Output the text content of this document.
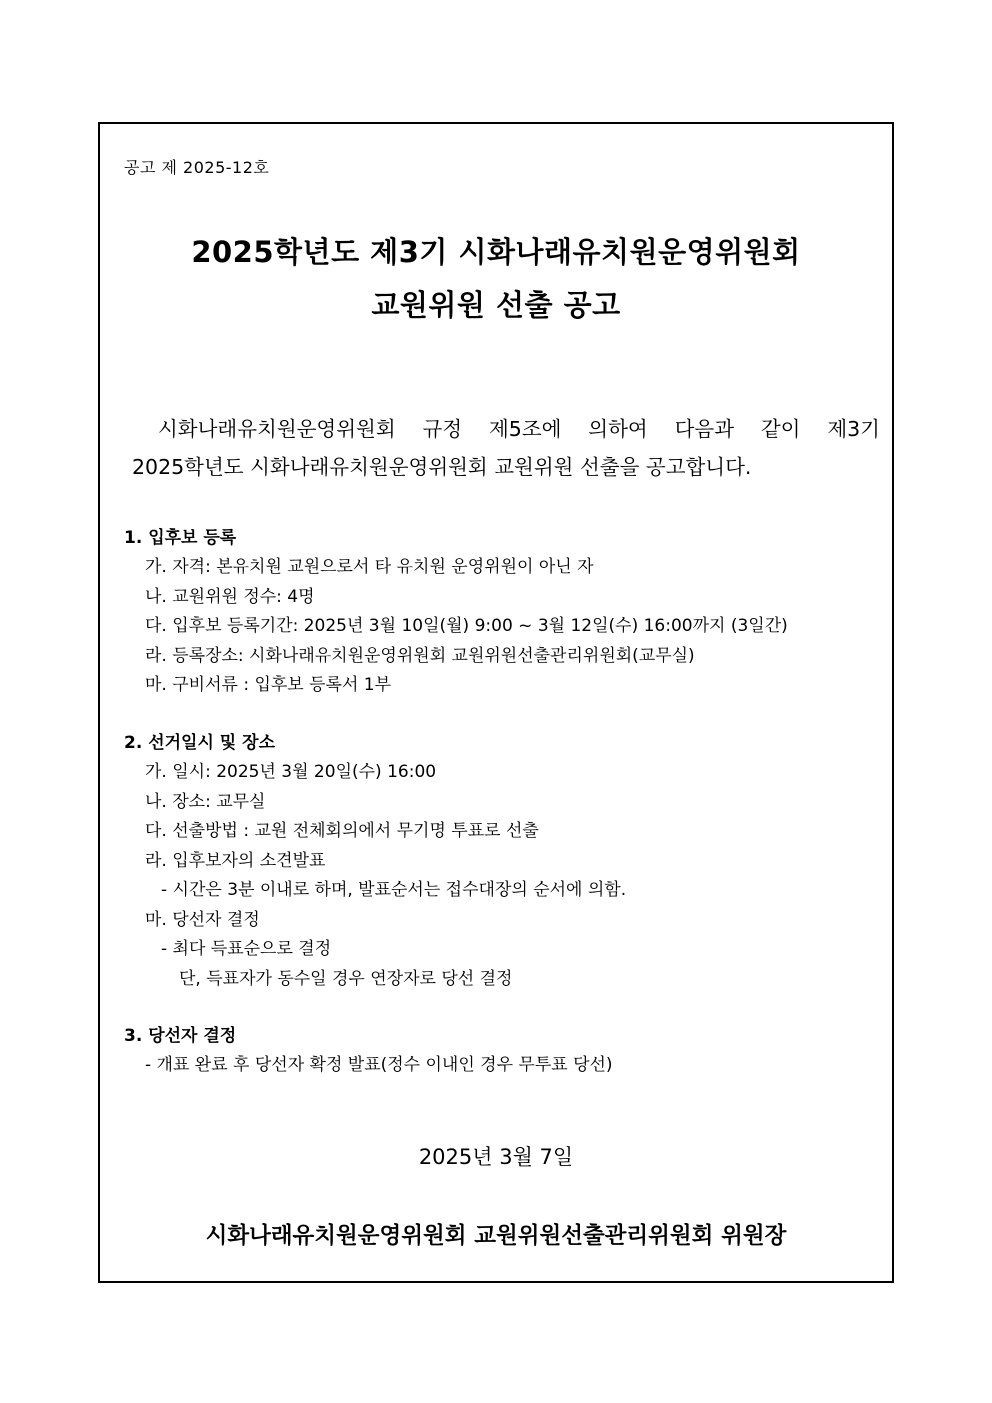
공고 제 2025-12호
2025학년도 제3기 시화나래유치원운영위원회
교원위원 선출 공고
시화나래유치원운영위원회 규정 제5조에 의하여 다음과 같이 제3기
2025학년도 시화나래유치원운영위원회 교원위원 선출을 공고합니다.
1. 입후보 등록
가. 자격: 본유치원 교원으로서 타 유치원 운영위원이 아닌 자
나. 교원위원 정수: 4명
다. 입후보 등록기간: 2025년 3월 10일(월) 9:00 ~ 3월 12일(수) 16:00까지 (3일간)
라. 등록장소: 시화나래유치원운영위원회 교원위원선출관리위원회(교무실)
마. 구비서류 : 입후보 등록서 1부
2. 선거일시 및 장소
가. 일시: 2025년 3월 20일(수) 16:00
나. 장소: 교무실
다. 선출방법 : 교원 전체회의에서 무기명 투표로 선출
라. 입후보자의 소견발표
- 시간은 3분 이내로 하며, 발표순서는 접수대장의 순서에 의함.
마. 당선자 결정
- 최다 득표순으로 결정
단, 득표자가 동수일 경우 연장자로 당선 결정
3. 당선자 결정
- 개표 완료 후 당선자 확정 발표(정수 이내인 경우 무투표 당선)
2025년 3월 7일
시화나래유치원운영위원회 교원위원선출관리위원회 위원장
